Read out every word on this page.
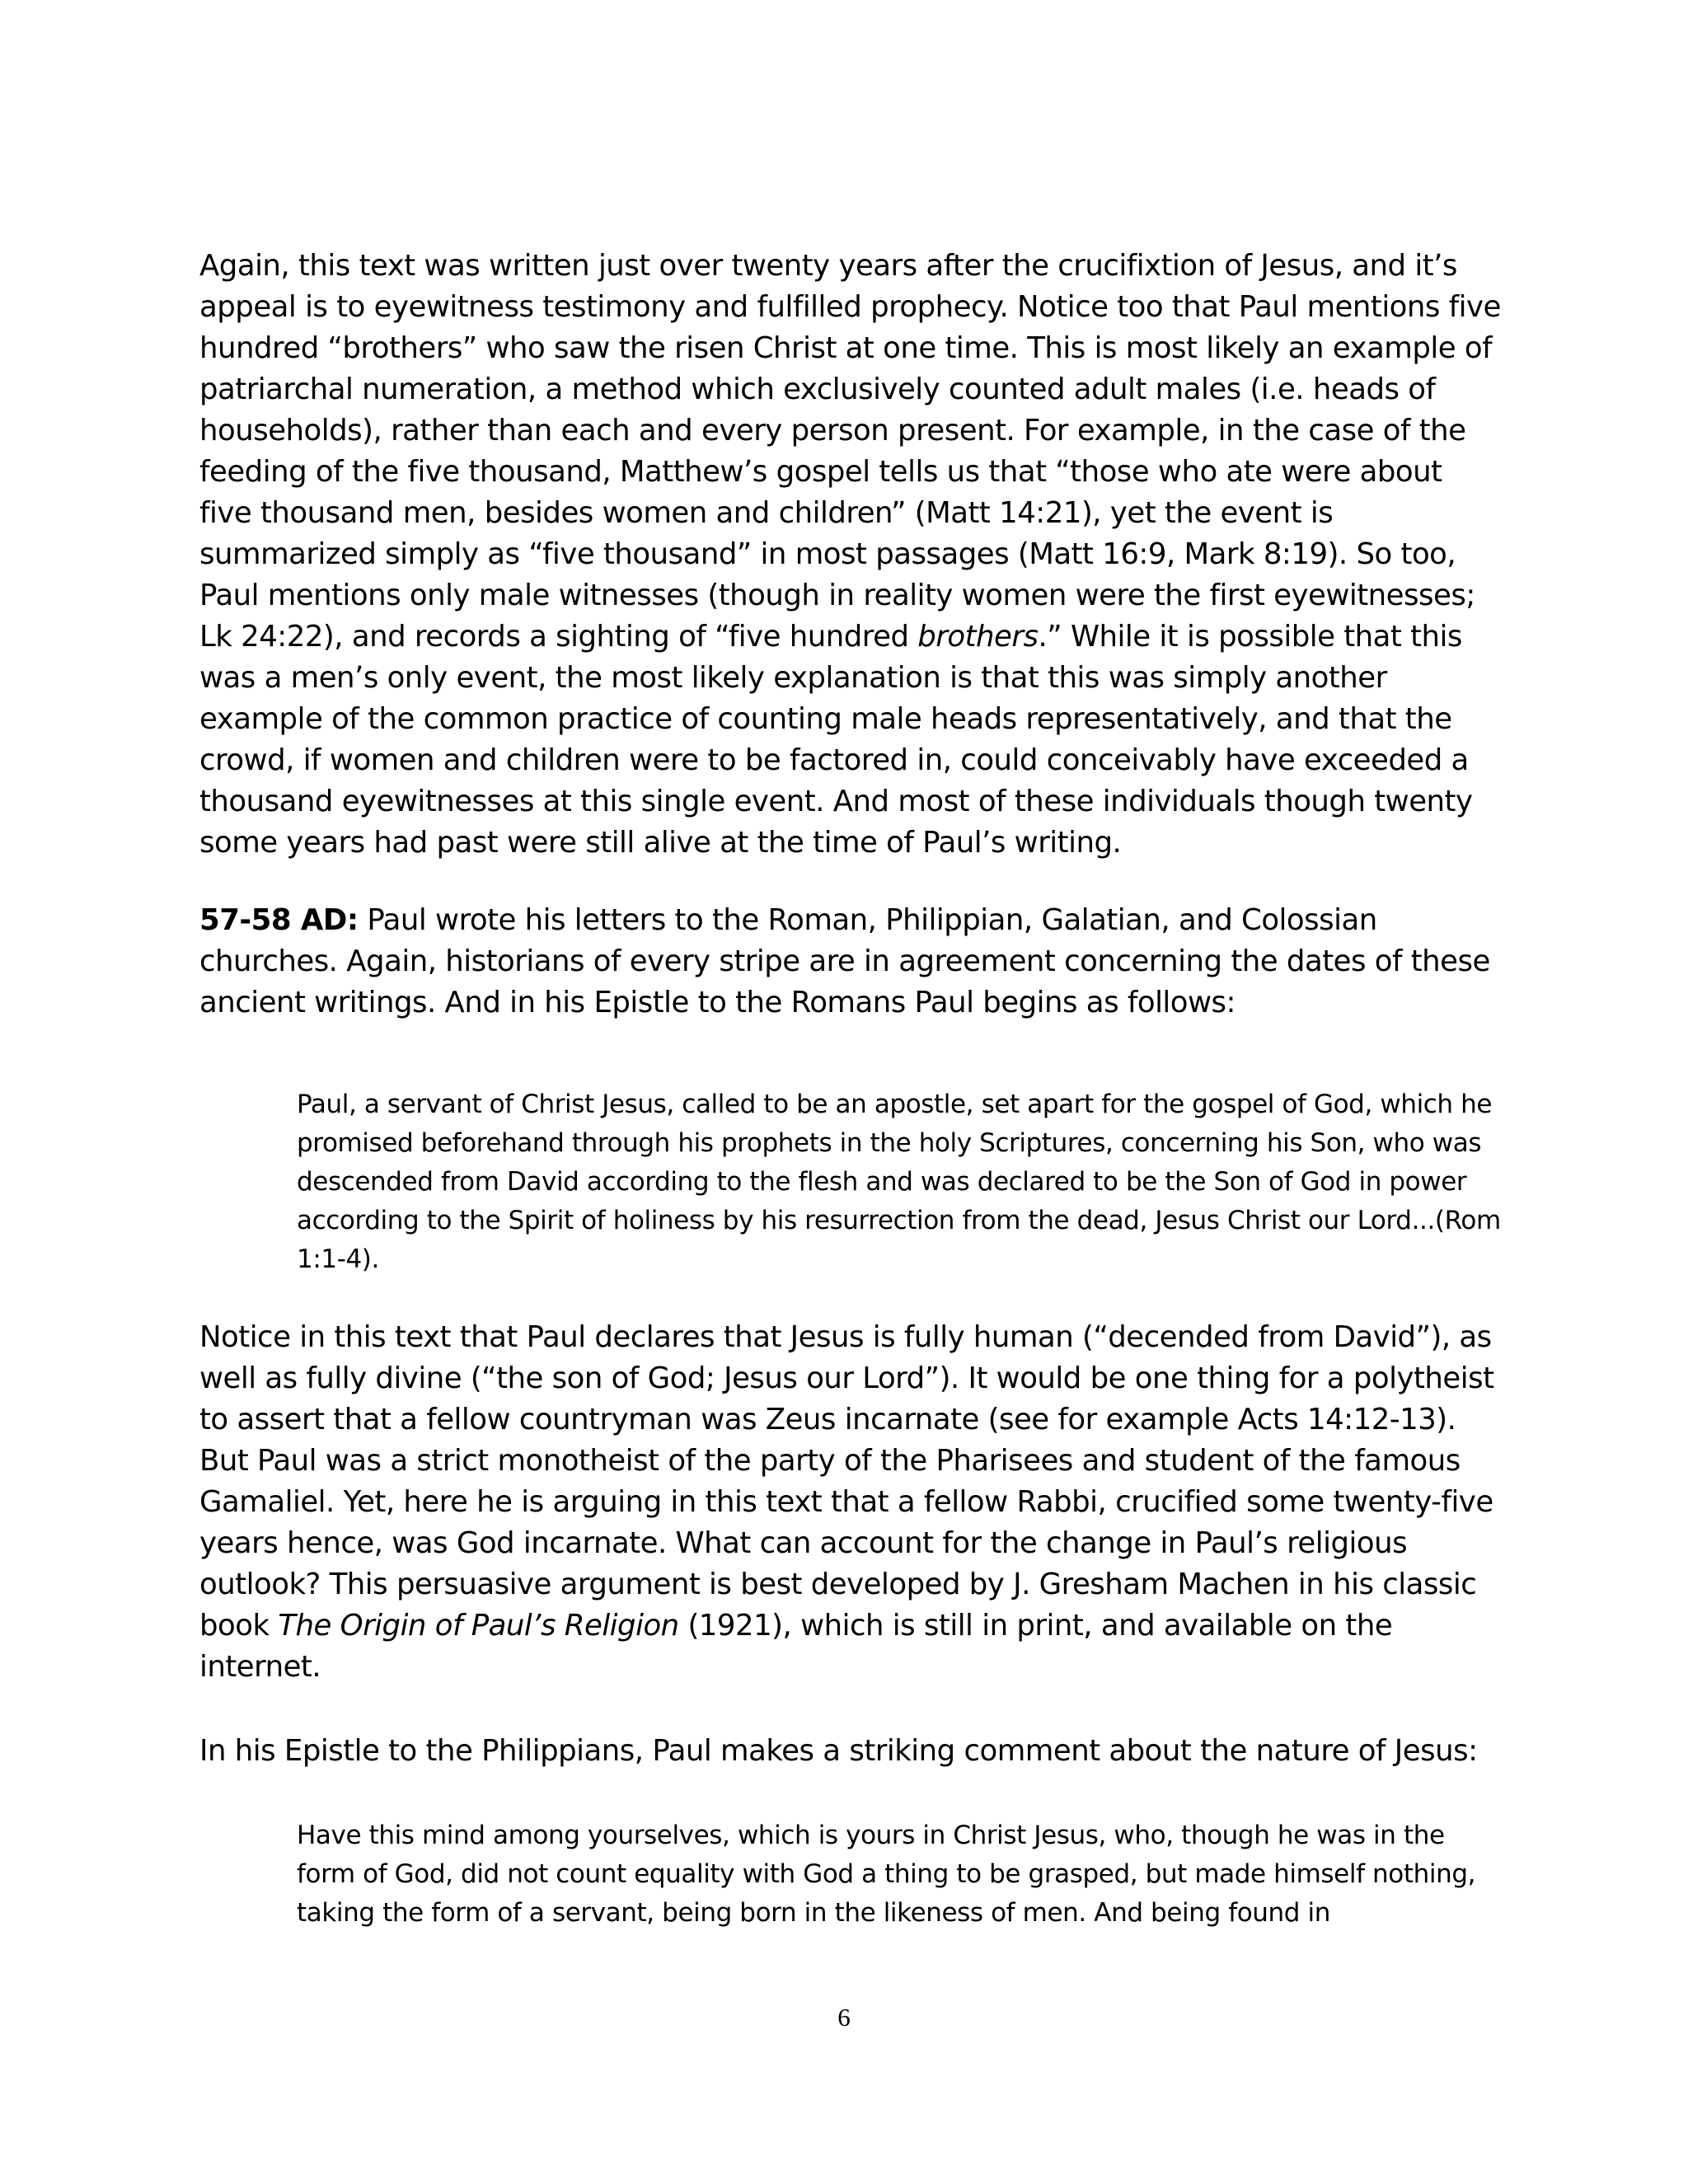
Again, this text was written just over twenty years after the crucifixtion of Jesus, and it’s appeal is to eyewitness testimony and fulfilled prophecy. Notice too that Paul mentions five hundred “brothers” who saw the risen Christ at one time. This is most likely an example of patriarchal numeration, a method which exclusively counted adult males (i.e. heads of households), rather than each and every person present. For example, in the case of the feeding of the five thousand, Matthew’s gospel tells us that “those who ate were about five thousand men, besides women and children” (Matt 14:21), yet the event is summarized simply as “five thousand” in most passages (Matt 16:9, Mark 8:19). So too, Paul mentions only male witnesses (though in reality women were the first eyewitnesses; Lk 24:22), and records a sighting of “five hundred brothers.” While it is possible that this was a men’s only event, the most likely explanation is that this was simply another example of the common practice of counting male heads representatively, and that the crowd, if women and children were to be factored in, could conceivably have exceeded a thousand eyewitnesses at this single event. And most of these individuals though twenty some years had past were still alive at the time of Paul’s writing.

57-58 AD: Paul wrote his letters to the Roman, Philippian, Galatian, and Colossian churches. Again, historians of every stripe are in agreement concerning the dates of these ancient writings. And in his Epistle to the Romans Paul begins as follows:

Paul, a servant of Christ Jesus, called to be an apostle, set apart for the gospel of God, which he promised beforehand through his prophets in the holy Scriptures, concerning his Son, who was descended from David according to the flesh and was declared to be the Son of God in power according to the Spirit of holiness by his resurrection from the dead, Jesus Christ our Lord...(Rom 1:1-4).

Notice in this text that Paul declares that Jesus is fully human (“decended from David”), as well as fully divine (“the son of God; Jesus our Lord”). It would be one thing for a polytheist to assert that a fellow countryman was Zeus incarnate (see for example Acts 14:12-13). But Paul was a strict monotheist of the party of the Pharisees and student of the famous Gamaliel. Yet, here he is arguing in this text that a fellow Rabbi, crucified some twenty-five years hence, was God incarnate. What can account for the change in Paul’s religious outlook? This persuasive argument is best developed by J. Gresham Machen in his classic book The Origin of Paul’s Religion (1921), which is still in print, and available on the internet.

In his Epistle to the Philippians, Paul makes a striking comment about the nature of Jesus:

Have this mind among yourselves, which is yours in Christ Jesus, who, though he was in the form of God, did not count equality with God a thing to be grasped, but made himself nothing, taking the form of a servant, being born in the likeness of men. And being found in

6
